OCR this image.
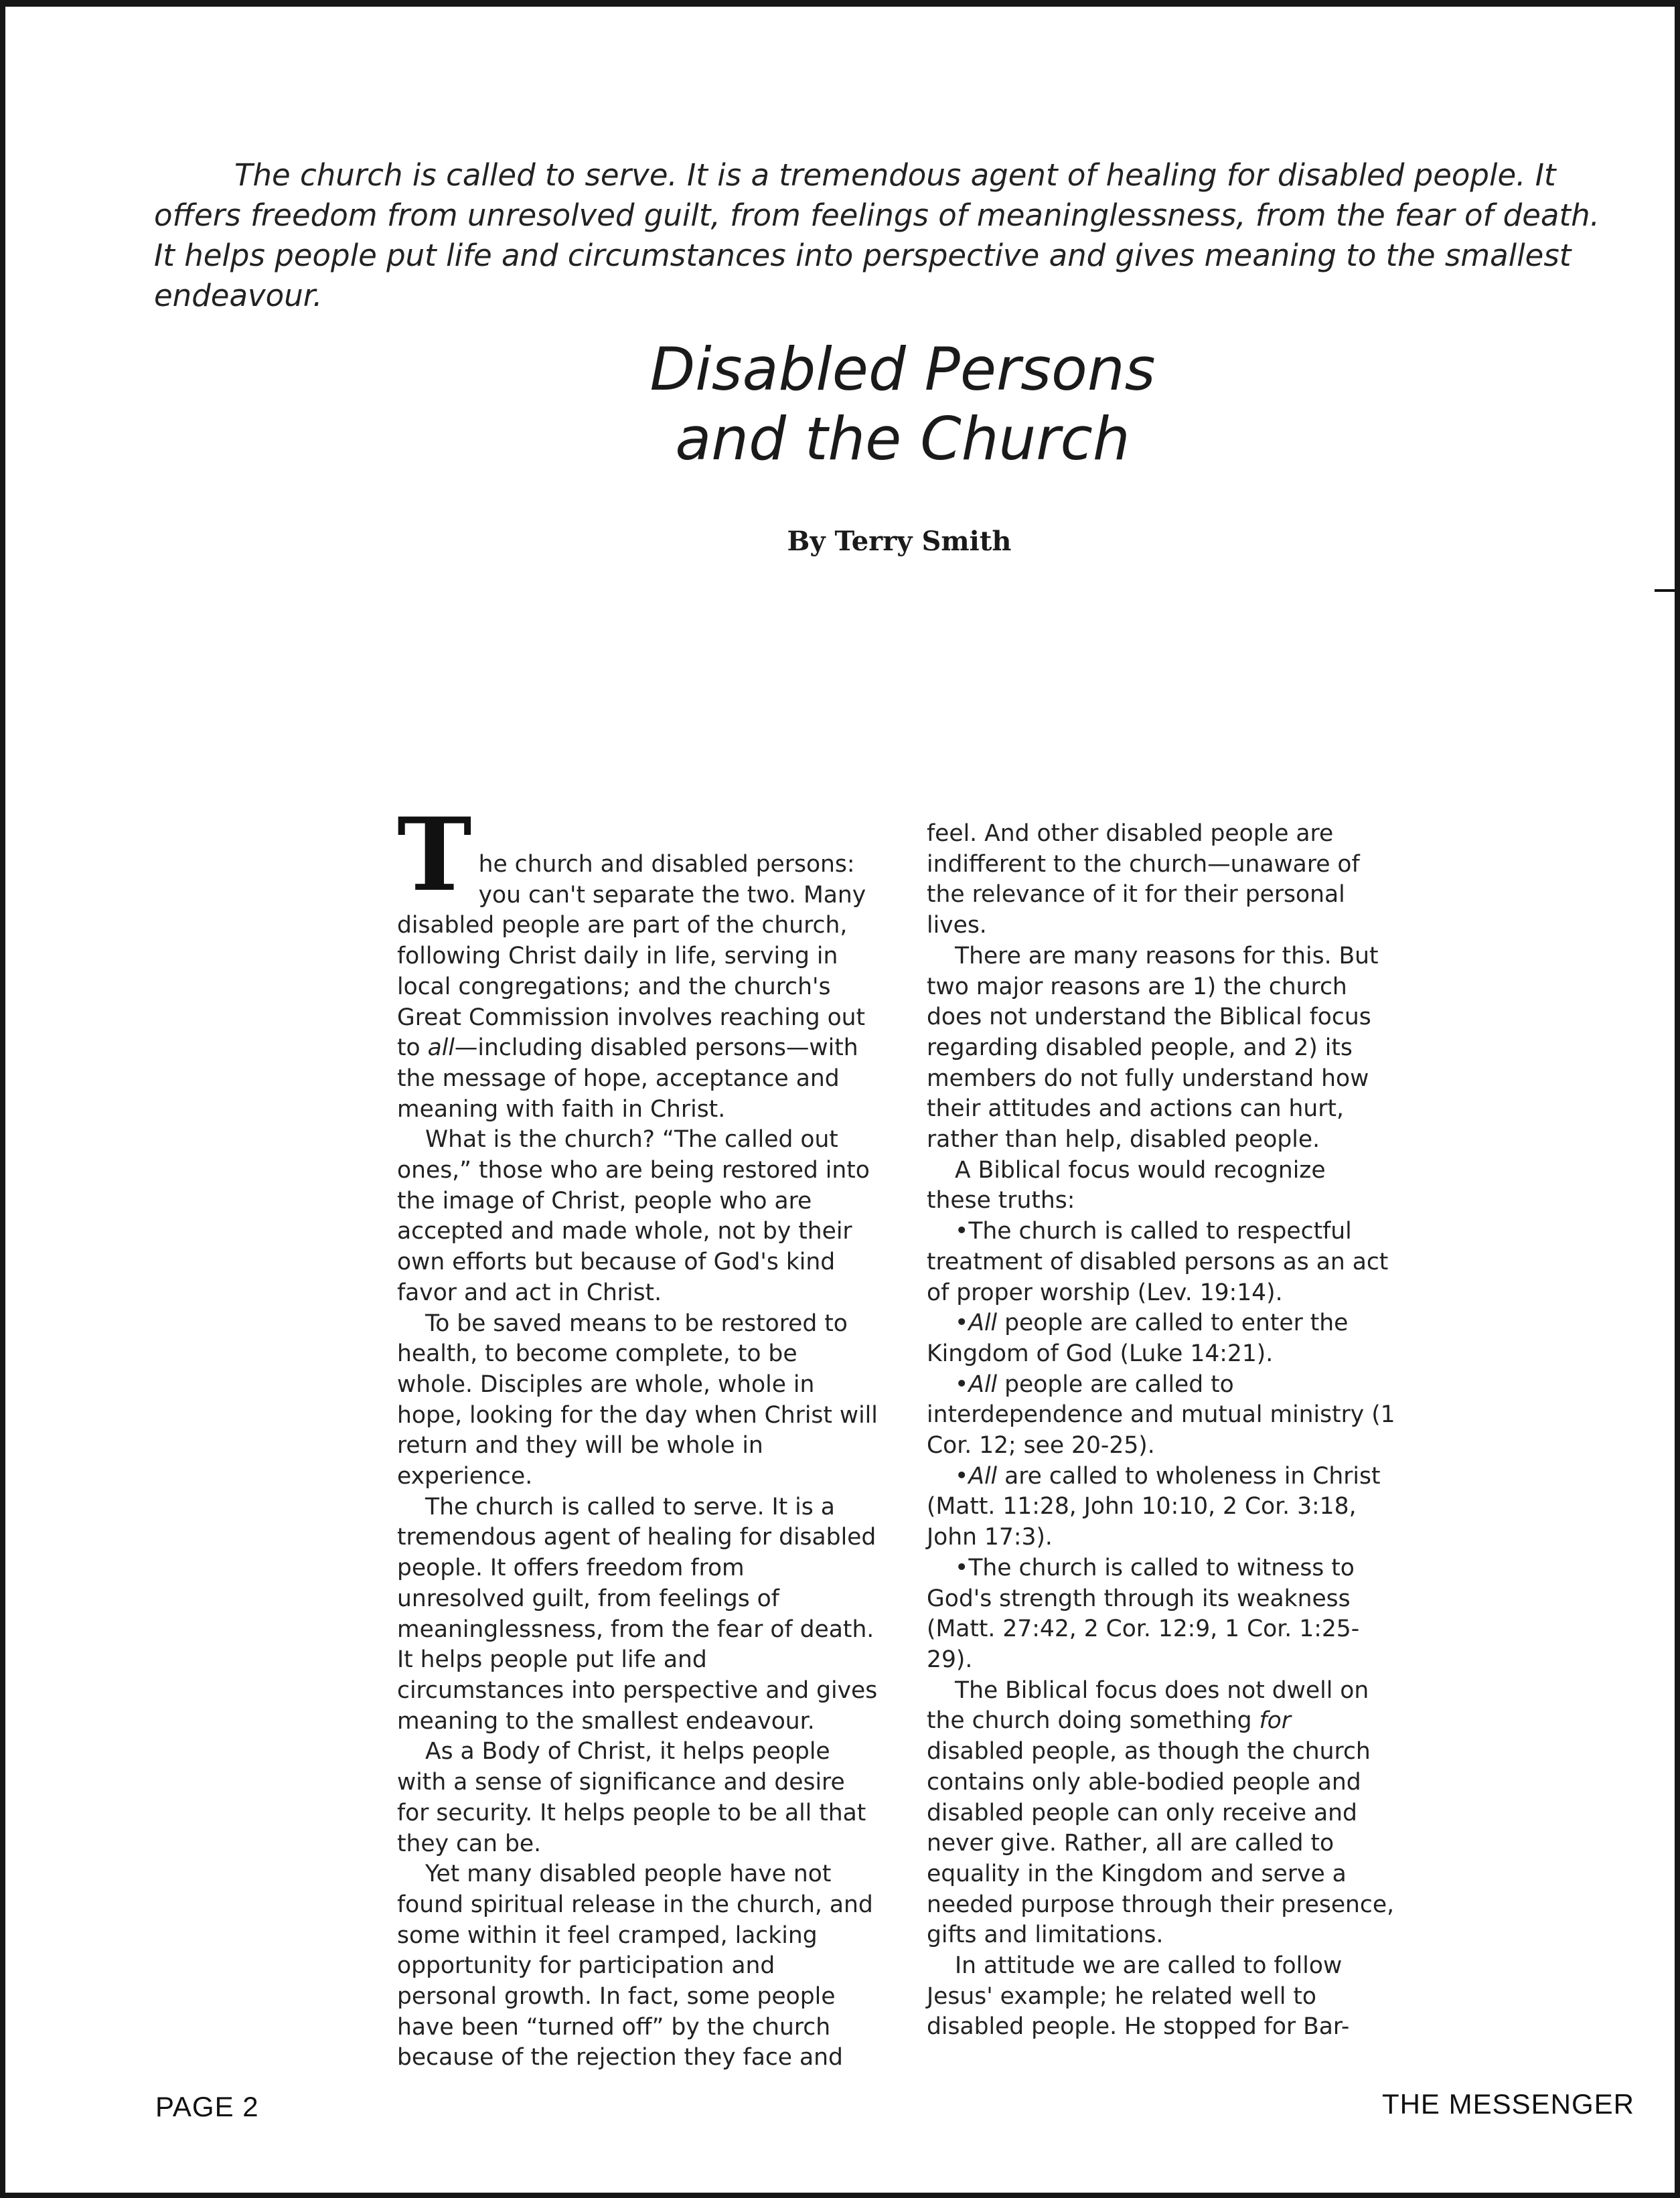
The church is called to serve. It is a tremendous agent of healing for disabled people. It offers freedom from unresolved guilt, from feelings of meaninglessness, from the fear of death. It helps people put life and circumstances into perspective and gives meaning to the smallest endeavour.

Disabled Persons
and the Church

By Terry Smith

T he church and disabled persons:
you can't separate the two. Many disabled people are part of the church, following Christ daily in life, serving in local congregations; and the church's Great Commission involves reaching out to all—including disabled persons—with the message of hope, acceptance and meaning with faith in Christ.

What is the church? “The called out ones,” those who are being restored into the image of Christ, people who are accepted and made whole, not by their own efforts but because of God's kind favor and act in Christ.

To be saved means to be restored to health, to become complete, to be whole. Disciples are whole, whole in hope, looking for the day when Christ will return and they will be whole in experience.

The church is called to serve. It is a tremendous agent of healing for disabled people. It offers freedom from unresolved guilt, from feelings of meaninglessness, from the fear of death. It helps people put life and circumstances into perspective and gives meaning to the smallest endeavour.

As a Body of Christ, it helps people with a sense of significance and desire for security. It helps people to be all that they can be.

Yet many disabled people have not found spiritual release in the church, and some within it feel cramped, lacking opportunity for participation and personal growth. In fact, some people have been “turned off” by the church because of the rejection they face and

feel. And other disabled people are indifferent to the church—unaware of the relevance of it for their personal lives.

There are many reasons for this. But two major reasons are 1) the church does not understand the Biblical focus regarding disabled people, and 2) its members do not fully understand how their attitudes and actions can hurt, rather than help, disabled people.

A Biblical focus would recognize these truths:

•The church is called to respectful treatment of disabled persons as an act of proper worship (Lev. 19:14).

•All people are called to enter the Kingdom of God (Luke 14:21).

•All people are called to interdependence and mutual ministry (1 Cor. 12; see 20-25).

•All are called to wholeness in Christ (Matt. 11:28, John 10:10, 2 Cor. 3:18, John 17:3).

•The church is called to witness to God's strength through its weakness (Matt. 27:42, 2 Cor. 12:9, 1 Cor. 1:25-29).

The Biblical focus does not dwell on the church doing something for disabled people, as though the church contains only able-bodied people and disabled people can only receive and never give. Rather, all are called to equality in the Kingdom and serve a needed purpose through their presence, gifts and limitations.

In attitude we are called to follow Jesus' example; he related well to disabled people. He stopped for Bar-

PAGE 2	THE MESSENGER
